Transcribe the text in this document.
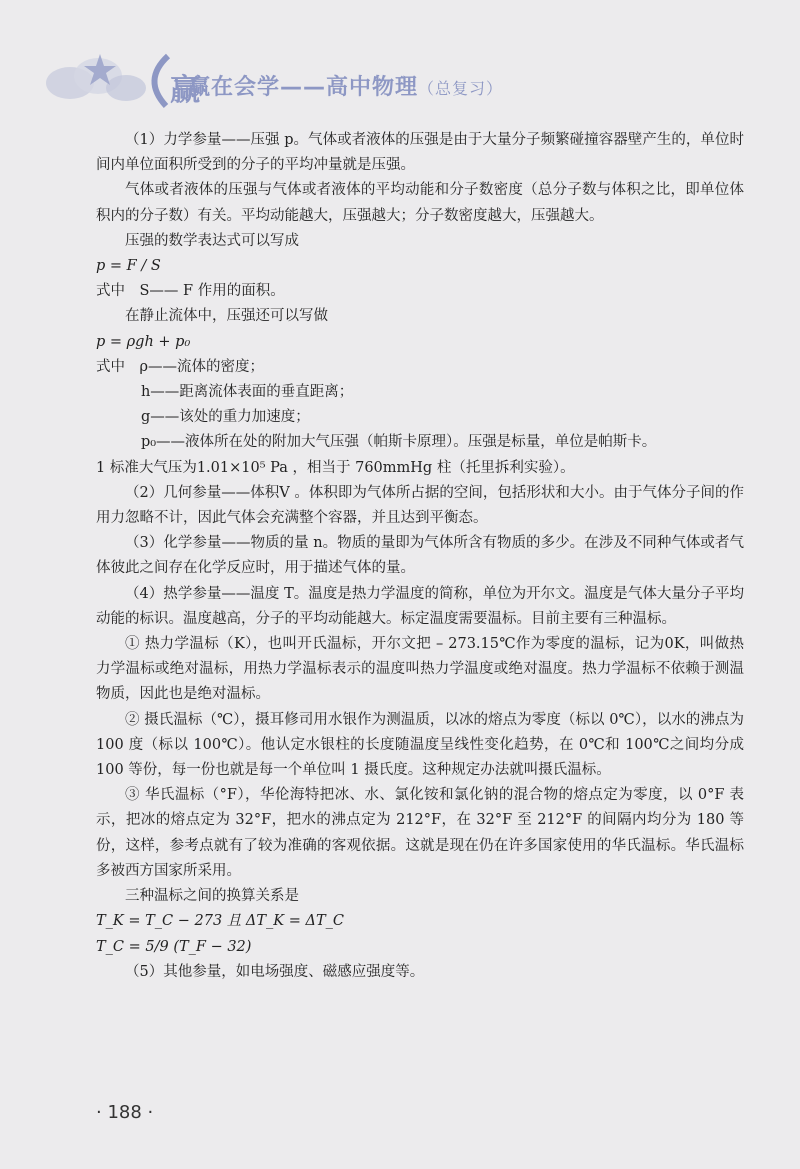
赢
赢在会学——高中物理（总复习）

（1）力学参量——压强 p。气体或者液体的压强是由于大量分子频繁碰撞容器壁产生的，单位时间内单位面积所受到的分子的平均冲量就是压强。

气体或者液体的压强与气体或者液体的平均动能和分子数密度（总分子数与体积之比，即单位体积内的分子数）有关。平均动能越大，压强越大；分子数密度越大，压强越大。

压强的数学表达式可以写成

p = F / S

式中　S—— F 作用的面积。

在静止流体中，压强还可以写做

p = ρgh + p₀

式中　ρ——流体的密度；

h——距离流体表面的垂直距离；

g——该处的重力加速度；

p₀——液体所在处的附加大气压强（帕斯卡原理）。压强是标量，单位是帕斯卡。

1 标准大气压为1.01×10⁵ Pa ，相当于 760mmHg 柱（托里拆利实验）。

（2）几何参量——体积V 。体积即为气体所占据的空间，包括形状和大小。由于气体分子间的作用力忽略不计，因此气体会充满整个容器，并且达到平衡态。

（3）化学参量——物质的量 n。物质的量即为气体所含有物质的多少。在涉及不同种气体或者气体彼此之间存在化学反应时，用于描述气体的量。

（4）热学参量——温度 T。温度是热力学温度的简称，单位为开尔文。温度是气体大量分子平均动能的标识。温度越高，分子的平均动能越大。标定温度需要温标。目前主要有三种温标。

① 热力学温标（K），也叫开氏温标，开尔文把 – 273.15℃作为零度的温标，记为0K，叫做热力学温标或绝对温标，用热力学温标表示的温度叫热力学温度或绝对温度。热力学温标不依赖于测温物质，因此也是绝对温标。

② 摄氏温标（℃），摄耳修司用水银作为测温质，以冰的熔点为零度（标以 0℃），以水的沸点为 100 度（标以 100℃）。他认定水银柱的长度随温度呈线性变化趋势，在 0℃和 100℃之间均分成 100 等份，每一份也就是每一个单位叫 1 摄氏度。这种规定办法就叫摄氏温标。

③ 华氏温标（°F），华伦海特把冰、水、氯化铵和氯化钠的混合物的熔点定为零度，以 0°F 表示，把冰的熔点定为 32°F，把水的沸点定为 212°F，在 32°F 至 212°F 的间隔内均分为 180 等份，这样，参考点就有了较为准确的客观依据。这就是现在仍在许多国家使用的华氏温标。华氏温标多被西方国家所采用。

三种温标之间的换算关系是

T_K = T_C − 273 且 ΔT_K = ΔT_C

T_C = 5/9 (T_F − 32)

（5）其他参量，如电场强度、磁感应强度等。

· 188 ·
